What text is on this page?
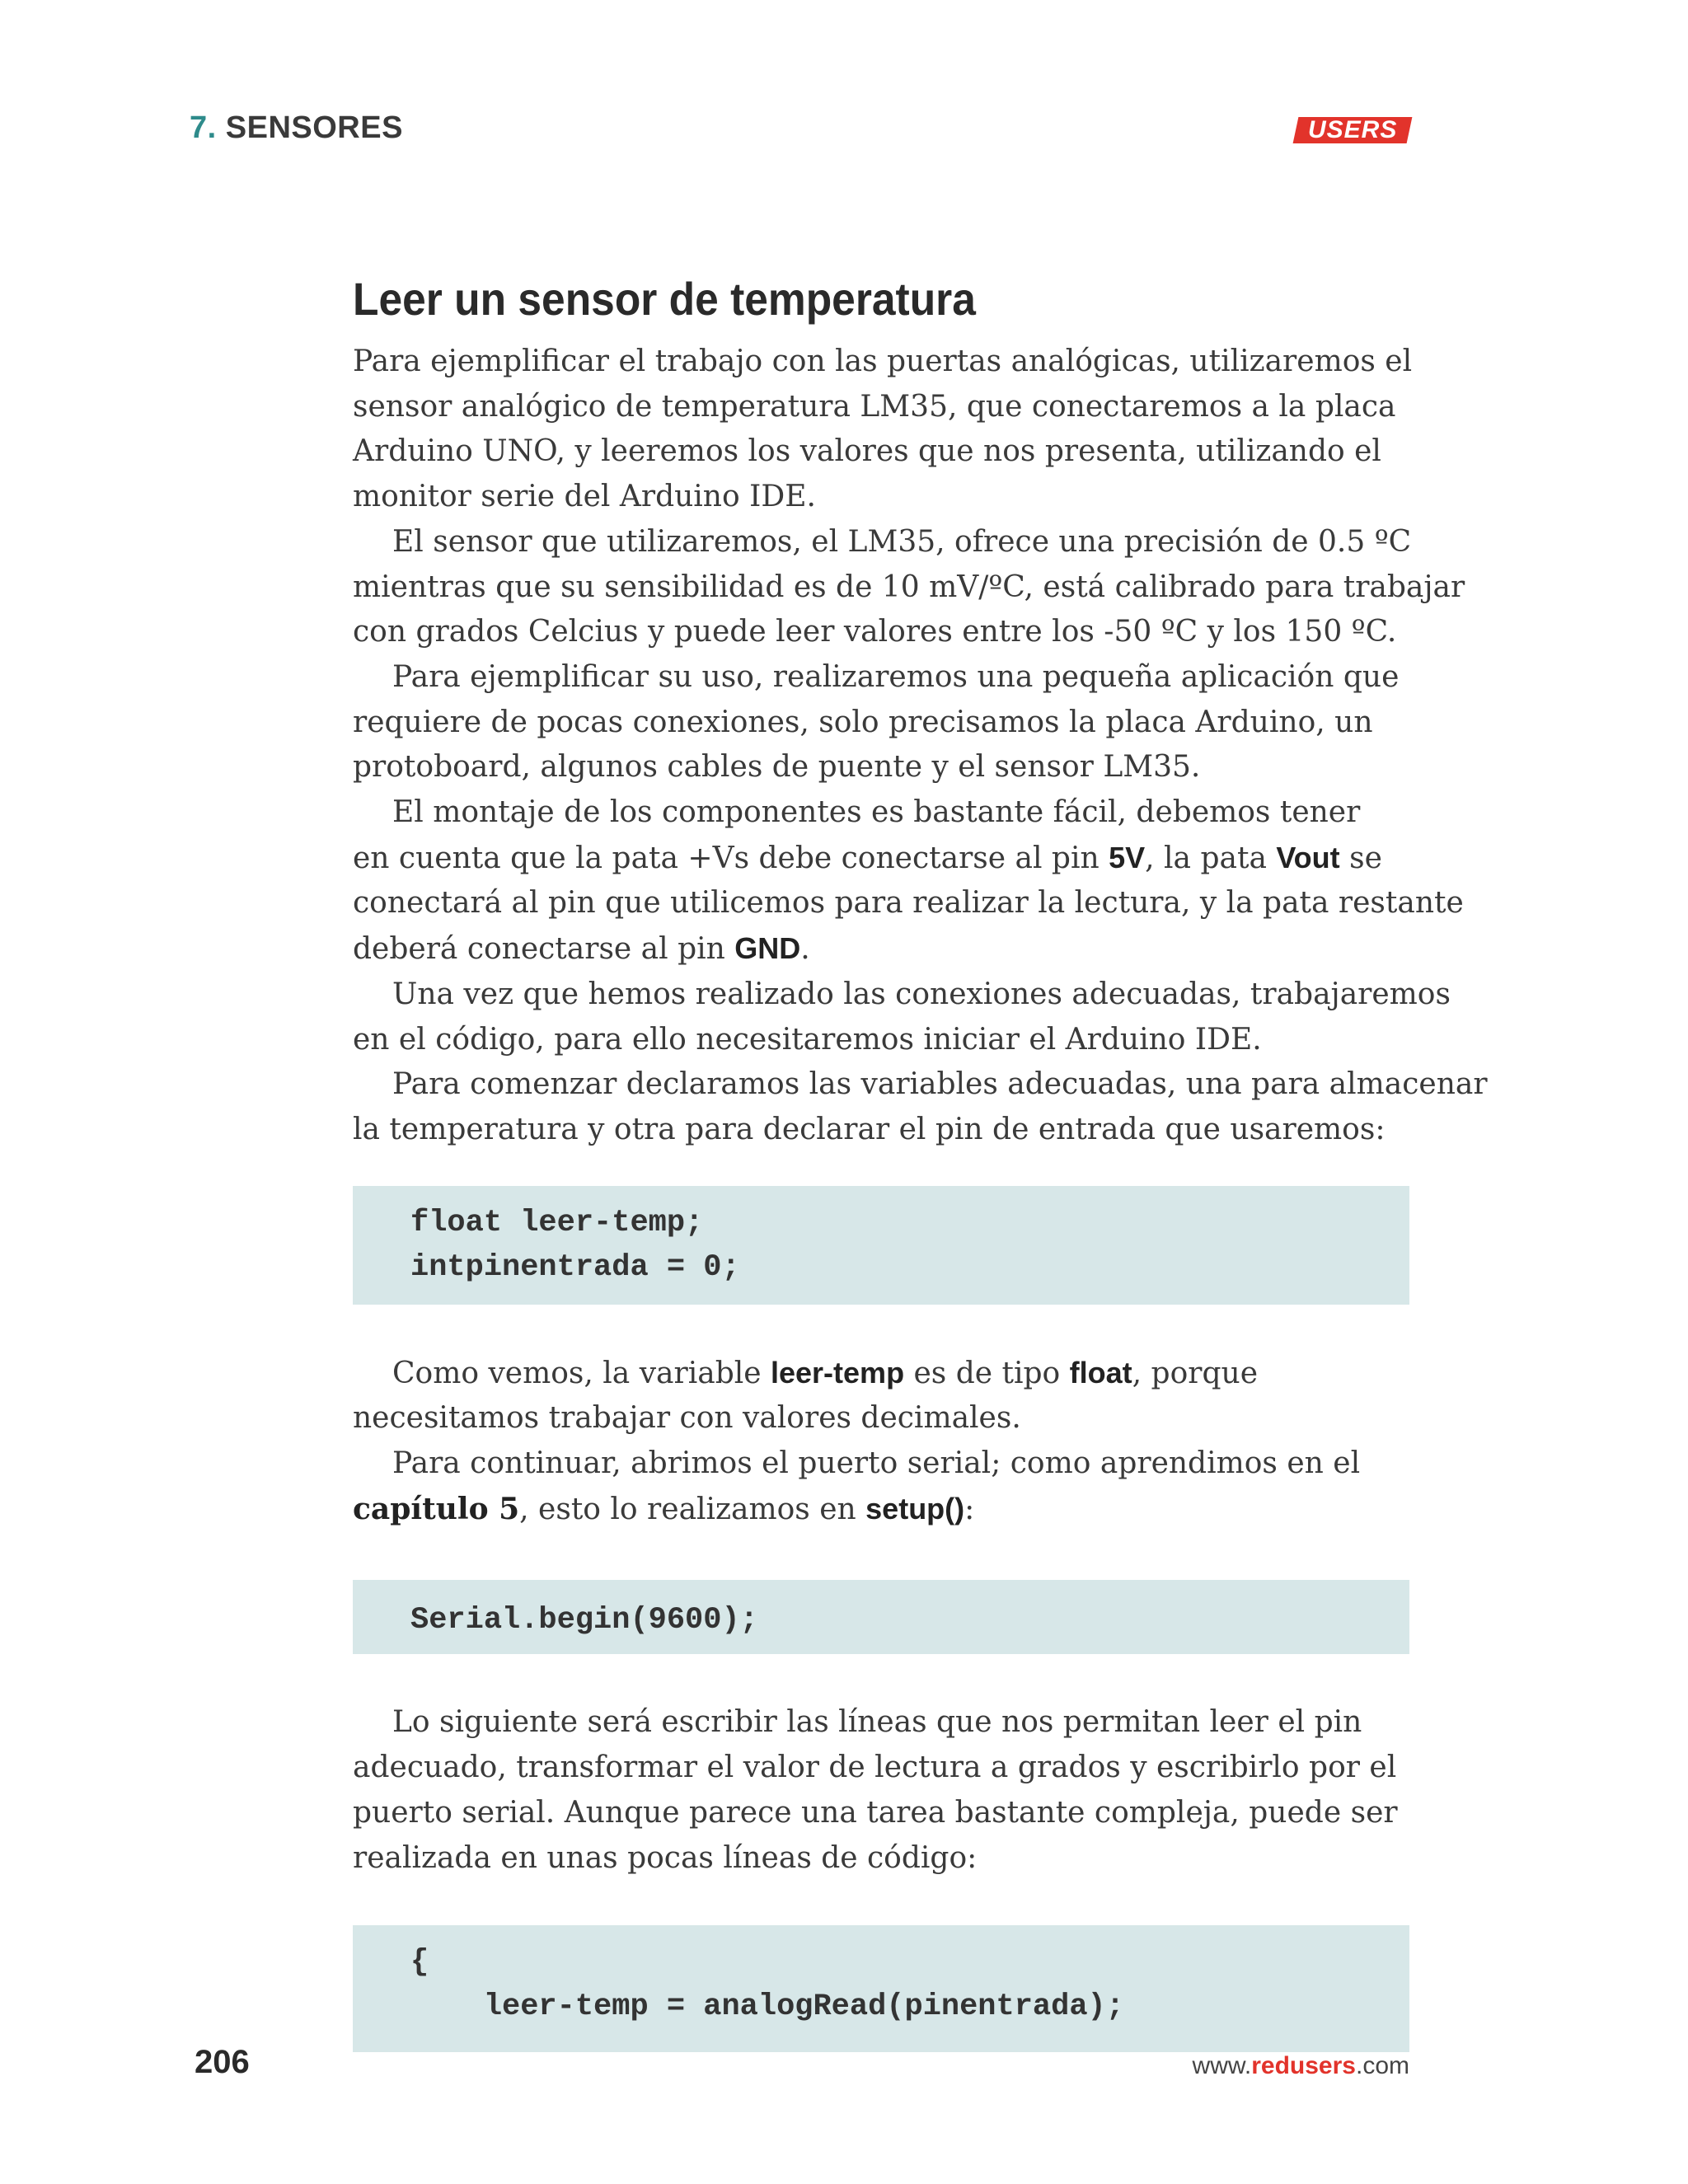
7. SENSORES	USERS
Leer un sensor de temperatura

Para ejemplificar el trabajo con las puertas analógicas, utilizaremos el

sensor analógico de temperatura LM35, que conectaremos a la placa

Arduino UNO, y leeremos los valores que nos presenta, utilizando el

monitor serie del Arduino IDE.

El sensor que utilizaremos, el LM35, ofrece una precisión de 0.5 ºC

mientras que su sensibilidad es de 10 mV/ºC, está calibrado para trabajar

con grados Celcius y puede leer valores entre los -50 ºC y los 150 ºC.

Para ejemplificar su uso, realizaremos una pequeña aplicación que

requiere de pocas conexiones, solo precisamos la placa Arduino, un

protoboard, algunos cables de puente y el sensor LM35.

El montaje de los componentes es bastante fácil, debemos tener

en cuenta que la pata +Vs debe conectarse al pin 5V, la pata Vout se

conectará al pin que utilicemos para realizar la lectura, y la pata restante

deberá conectarse al pin GND.

Una vez que hemos realizado las conexiones adecuadas, trabajaremos

en el código, para ello necesitaremos iniciar el Arduino IDE.

Para comenzar declaramos las variables adecuadas, una para almacenar

la temperatura y otra para declarar el pin de entrada que usaremos:

float leer-temp;
intpinentrada = 0;

Como vemos, la variable leer-temp es de tipo float, porque

necesitamos trabajar con valores decimales.

Para continuar, abrimos el puerto serial; como aprendimos en el

capítulo 5, esto lo realizamos en setup():

Serial.begin(9600);

Lo siguiente será escribir las líneas que nos permitan leer el pin

adecuado, transformar el valor de lectura a grados y escribirlo por el

puerto serial. Aunque parece una tarea bastante compleja, puede ser

realizada en unas pocas líneas de código:

{
leer-temp = analogRead(pinentrada);
206	www.redusers.com
